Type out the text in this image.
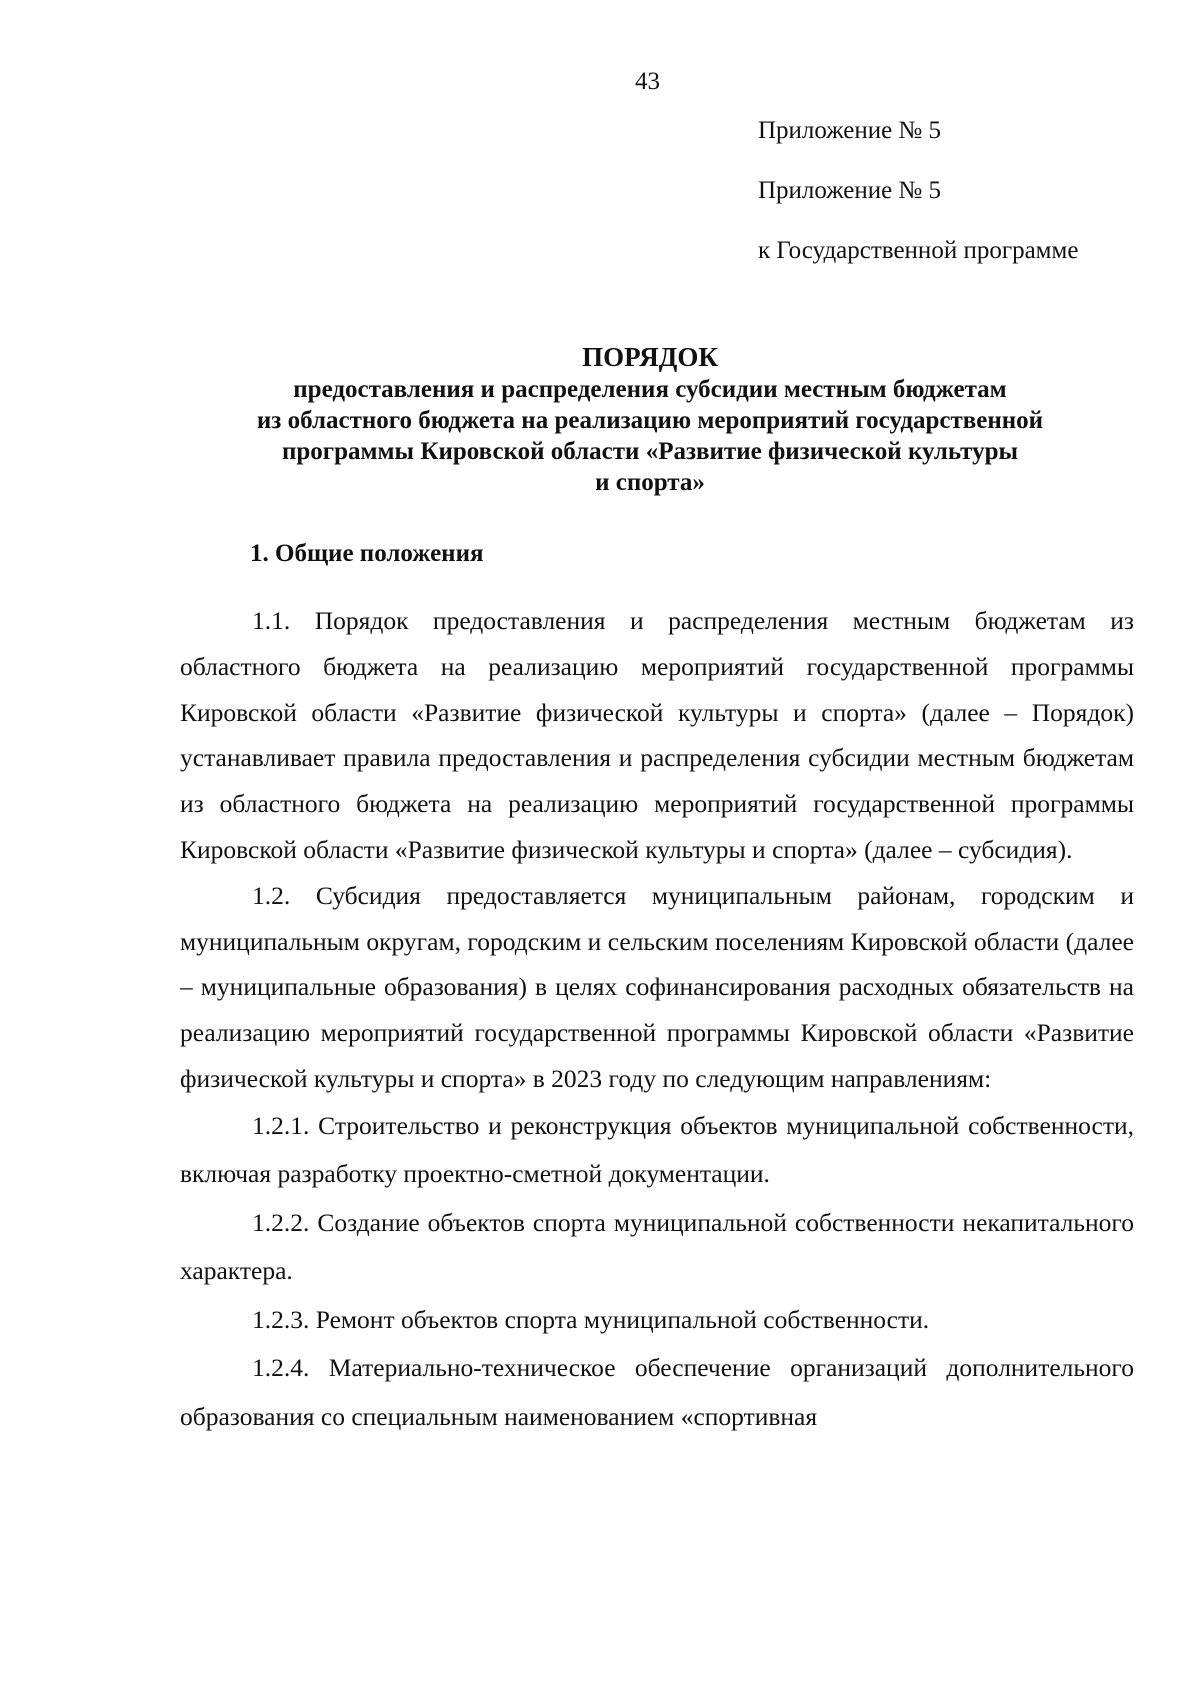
43
Приложение № 5
Приложение № 5
к Государственной программе
ПОРЯДОК
предоставления и распределения субсидии местным бюджетам
из областного бюджета на реализацию мероприятий государственной
программы Кировской области «Развитие физической культуры
и спорта»
1. Общие положения

1.1. Порядок предоставления и распределения местным бюджетам из областного бюджета на реализацию мероприятий государственной программы Кировской области «Развитие физической культуры и спорта» (далее – Порядок) устанавливает правила предоставления и распределения субсидии местным бюджетам из областного бюджета на реализацию мероприятий государственной программы Кировской области «Развитие физической культуры и спорта» (далее – субсидия).

1.2. Субсидия предоставляется муниципальным районам, городским и муниципальным округам, городским и сельским поселениям Кировской области (далее – муниципальные образования) в целях софинансирования расходных обязательств на реализацию мероприятий государственной программы Кировской области «Развитие физической культуры и спорта» в 2023 году по следующим направлениям:

1.2.1. Строительство и реконструкция объектов муниципальной собственности, включая разработку проектно-сметной документации.

1.2.2. Создание объектов спорта муниципальной собственности некапитального характера.

1.2.3. Ремонт объектов спорта муниципальной собственности.

1.2.4. Материально-техническое обеспечение организаций дополнительного образования со специальным наименованием «спортивная
